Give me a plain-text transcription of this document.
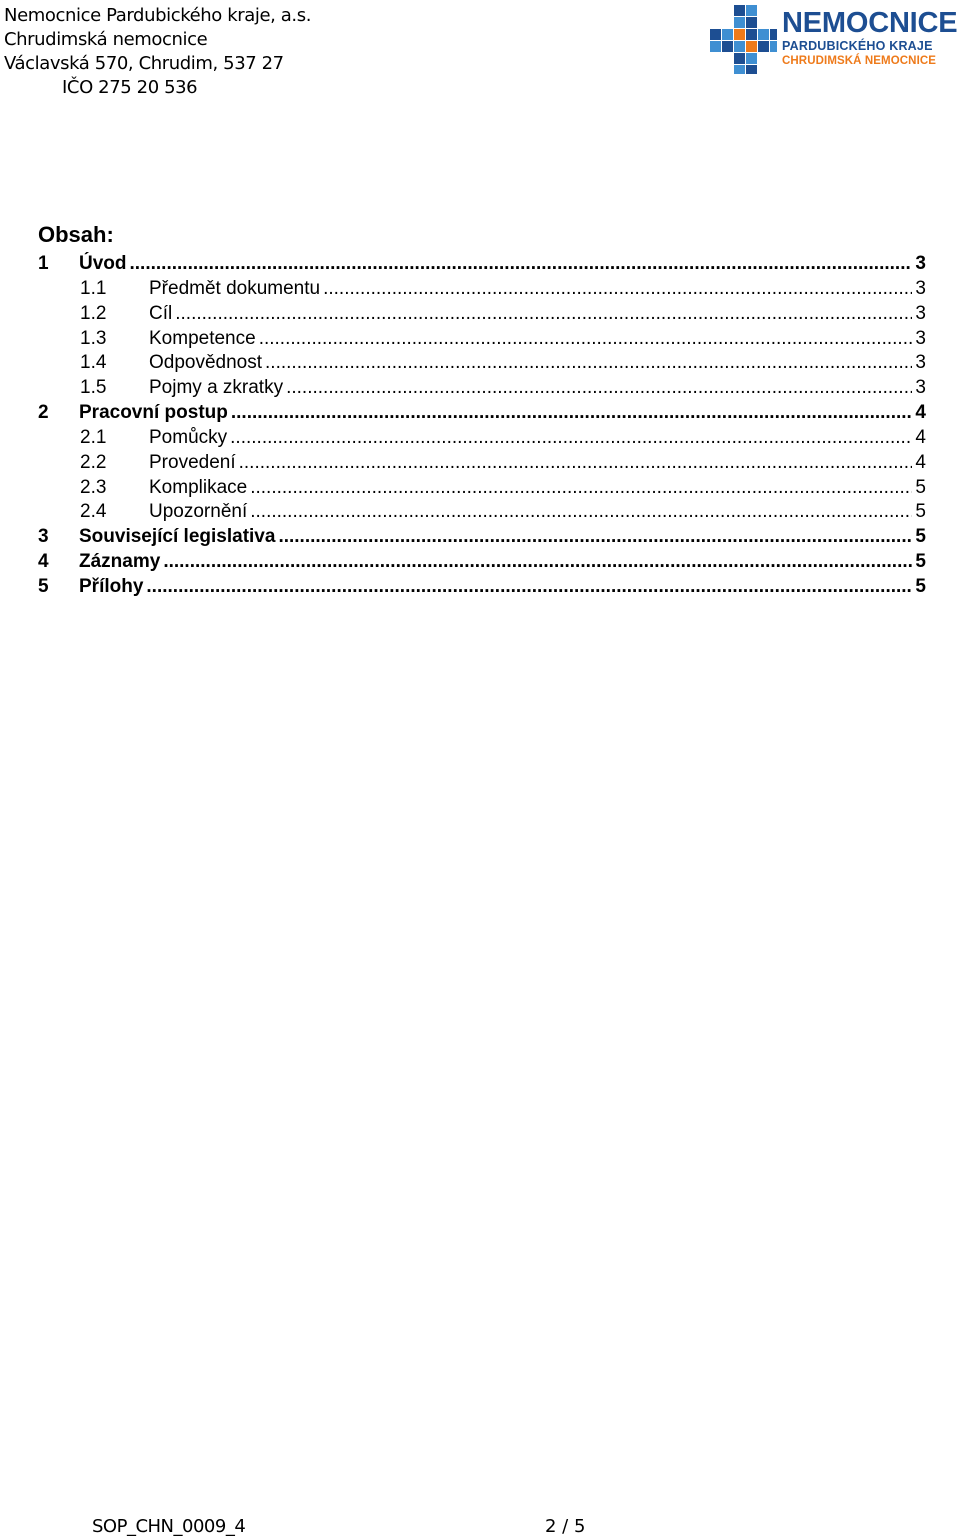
Nemocnice Pardubického kraje, a.s.
Chrudimská nemocnice
Václavská 570, Chrudim, 537 27
IČO 275 20 536
NEMOCNICE
PARDUBICKÉHO KRAJE
CHRUDIMSKÁ NEMOCNICE
Obsah:
1	Úvod .....	3
1.1	Předmět dokumentu .....	3
1.2	Cíl .....	3
1.3	Kompetence .....	3
1.4	Odpovědnost .....	3
1.5	Pojmy a zkratky .....	3
2	Pracovní postup .....	4
2.1	Pomůcky .....	4
2.2	Provedení .....	4
2.3	Komplikace .....	5
2.4	Upozornění .....	5
3	Související legislativa .....	5
4	Záznamy .....	5
5	Přílohy .....	5
SOP_CHN_0009_4	2 / 5
